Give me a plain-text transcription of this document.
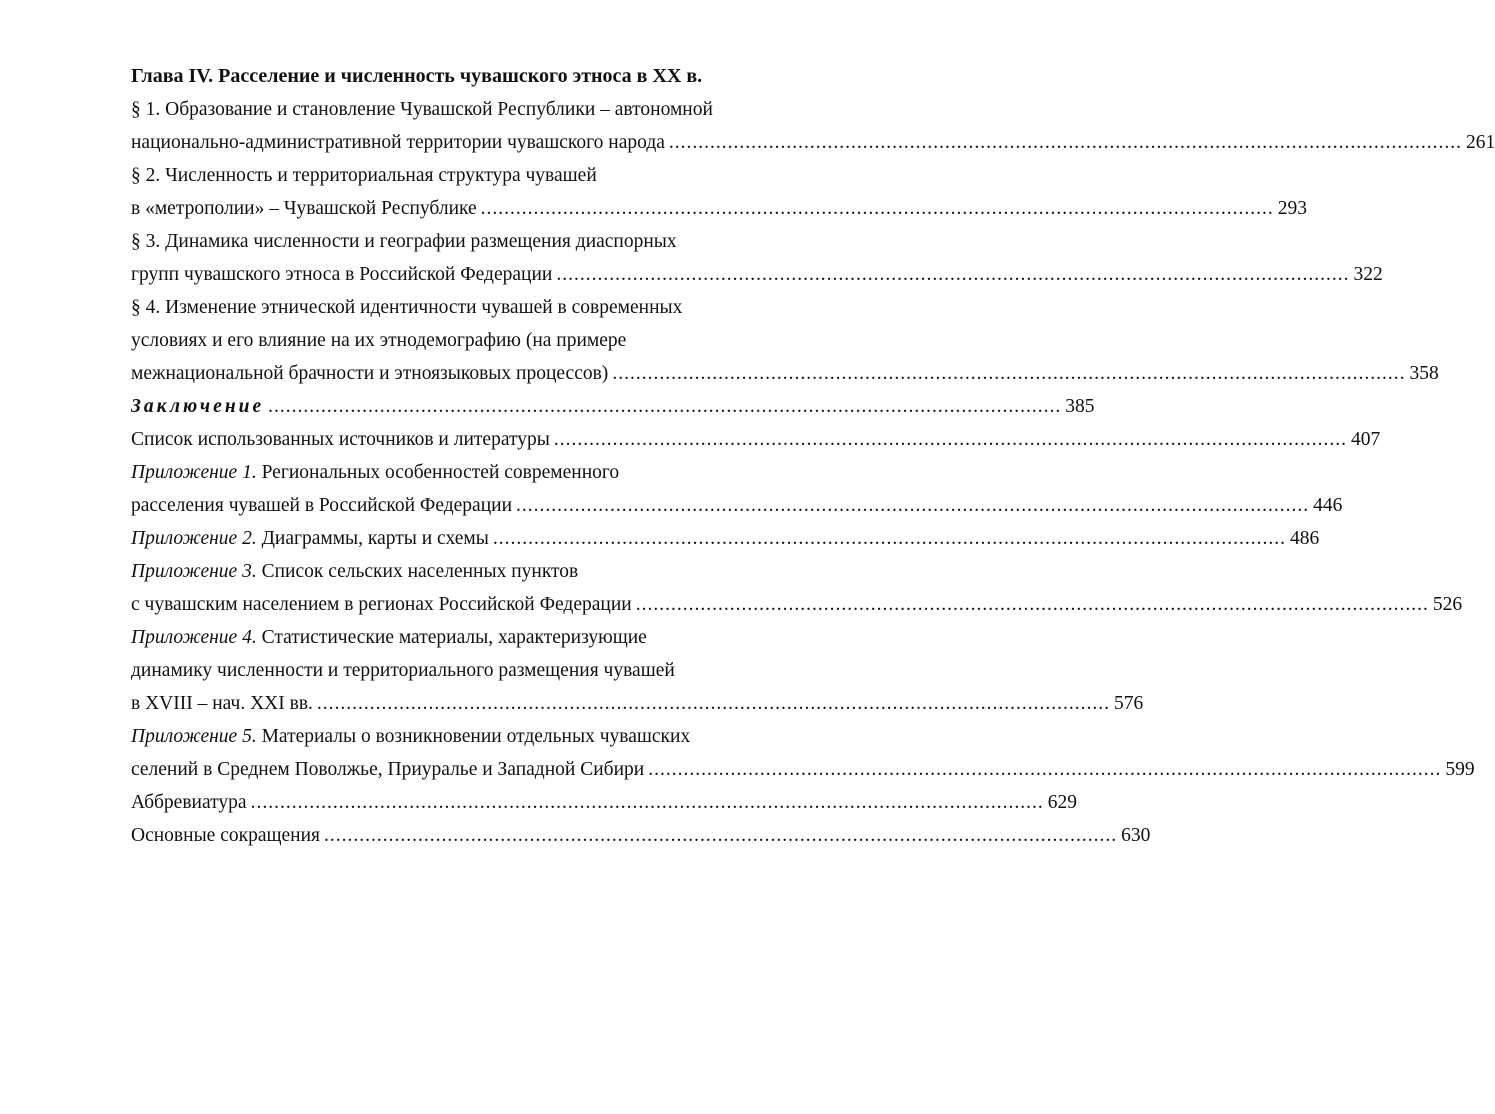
Глава IV. Расселение и численность чувашского этноса в XX в.
§ 1. Образование и становление Чувашской Республики – автономной
национально-административной территории чувашского народа ....................................................................................................................................... 261
§ 2. Численность и территориальная структура чувашей
в «метрополии» – Чувашской Республике ....................................................................................................................................... 293
§ 3. Динамика численности и географии размещения диаспорных
групп чувашского этноса в Российской Федерации ....................................................................................................................................... 322
§ 4. Изменение этнической идентичности чувашей в современных
условиях и его влияние на их этнодемографию (на примере
межнациональной брачности и этноязыковых процессов) ....................................................................................................................................... 358
Заключение ....................................................................................................................................... 385
Список использованных источников и литературы ....................................................................................................................................... 407
Приложение 1. Региональных особенностей современного
расселения чувашей в Российской Федерации ....................................................................................................................................... 446
Приложение 2. Диаграммы, карты и схемы ....................................................................................................................................... 486
Приложение 3. Список сельских населенных пунктов
с чувашским населением в регионах Российской Федерации ....................................................................................................................................... 526
Приложение 4. Статистические материалы, характеризующие
динамику численности и территориального размещения чувашей
в XVIII – нач. XXI вв. ....................................................................................................................................... 576
Приложение 5. Материалы о возникновении отдельных чувашских
селений в Среднем Поволжье, Приуралье и Западной Сибири ....................................................................................................................................... 599
Аббревиатура ....................................................................................................................................... 629
Основные сокращения ....................................................................................................................................... 630
